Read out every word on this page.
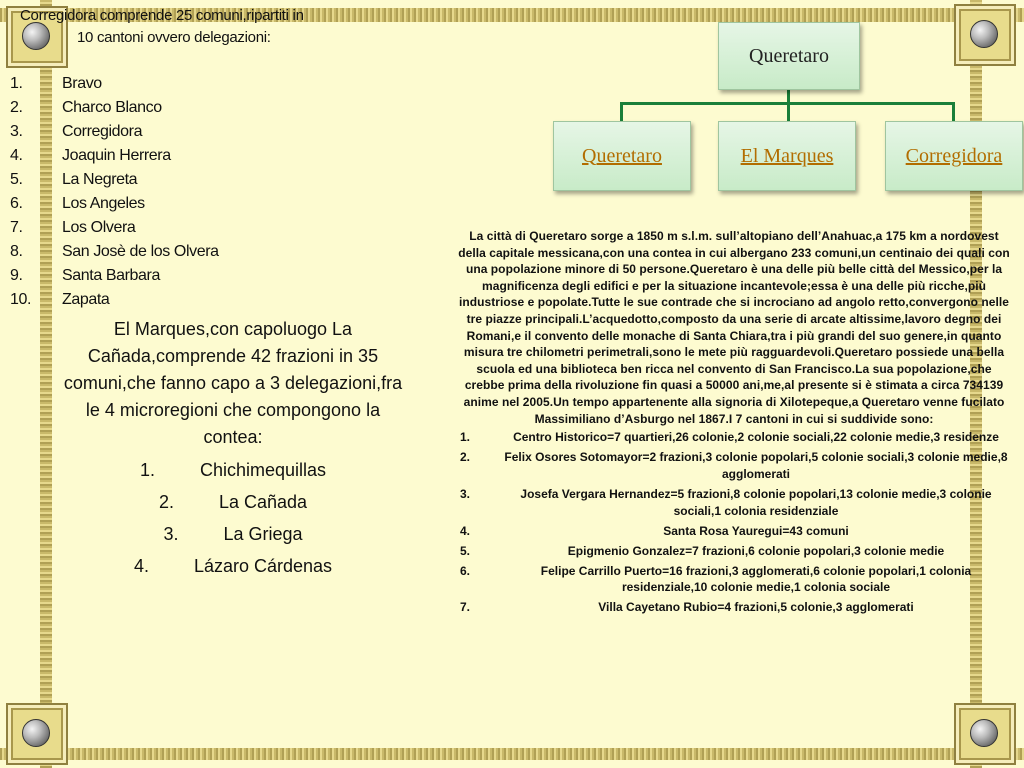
Corregidora comprende 25 comuni,ripartiti in
10 cantoni ovvero delegazioni:
1.	Bravo
2.	Charco Blanco
3.	Corregidora
4.	Joaquin Herrera
5.	La Negreta
6.	Los Angeles
7.	Los Olvera
8.	San Josè de los Olvera
9.	Santa Barbara
10.	Zapata

El Marques,con capoluogo La Cañada,comprende 42 frazioni in 35 comuni,che fanno capo a 3 delegazioni,fra le 4 microregioni che compongono la contea:

1. Chichimequillas
2. La Cañada
3. La Griega
4. Lázaro Cárdenas
Queretaro
Queretaro	El Marques	Corregidora

La città di Queretaro sorge a 1850 m s.l.m. sull’altopiano dell’Anahuac,a 175 km a nordovest della capitale messicana,con una contea in cui albergano 233 comuni,un centinaio dei quali con una popolazione minore di 50 persone.Queretaro è una delle più belle città del Messico,per la magnificenza degli edifici e per la situazione incantevole;essa è una delle più ricche,più industriose e popolate.Tutte le sue contrade che si incrociano ad angolo retto,convergono nelle tre piazze principali.L’acquedotto,composto da una serie di arcate altissime,lavoro degno dei Romani,e il convento delle monache di Santa Chiara,tra i più grandi del suo genere,in quanto misura tre chilometri perimetrali,sono le mete più ragguardevoli.Queretaro possiede una bella scuola ed una biblioteca ben ricca nel convento di San Francisco.La sua popolazione,che crebbe prima della rivoluzione fin quasi a 50000 ani,me,al presente si è stimata a circa 734139 anime nel 2005.Un tempo appartenente alla signoria di Xilotepeque,a Queretaro venne fucilato Massimiliano d’Asburgo nel 1867.I 7 cantoni in cui si suddivide sono:

1.	Centro Historico=7 quartieri,26 colonie,2 colonie sociali,22 colonie medie,3 residenze
2.	Felix Osores Sotomayor=2 frazioni,3 colonie popolari,5 colonie sociali,3 colonie medie,8 agglomerati
3.	Josefa Vergara Hernandez=5 frazioni,8 colonie popolari,13 colonie medie,3 colonie sociali,1 colonia residenziale
4.	Santa Rosa Yauregui=43 comuni
5.	Epigmenio Gonzalez=7 frazioni,6 colonie popolari,3 colonie medie
6.	Felipe Carrillo Puerto=16 frazioni,3 agglomerati,6 colonie popolari,1 colonia residenziale,10 colonie medie,1 colonia sociale
7.	Villa Cayetano Rubio=4 frazioni,5 colonie,3 agglomerati
